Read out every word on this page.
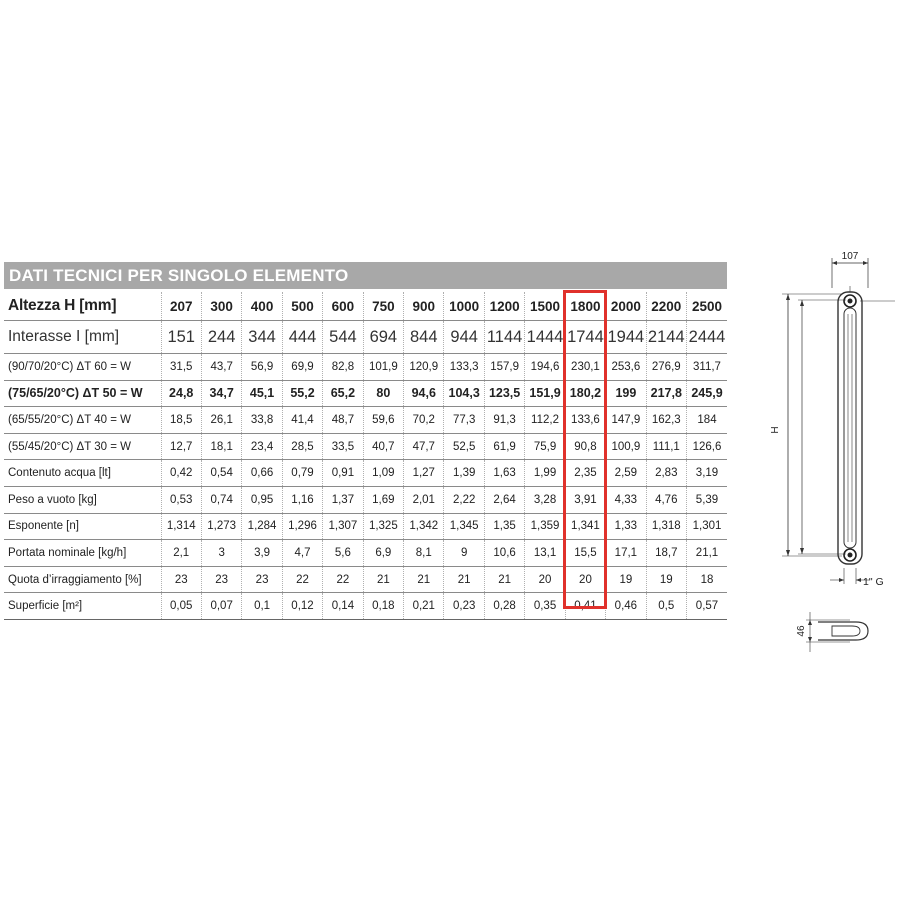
DATI TECNICI PER SINGOLO ELEMENTO
Altezza H [mm]	207	300	400	500	600	750	900	1000	1200	1500	1800	2000	2200	2500
Interasse I [mm]	151	244	344	444	544	694	844	944	1144	1444	1744	1944	2144	2444
(90/70/20°C) ΔT 60 = W	31,5	43,7	56,9	69,9	82,8	101,9	120,9	133,3	157,9	194,6	230,1	253,6	276,9	311,7
(75/65/20°C) ΔT 50 = W	24,8	34,7	45,1	55,2	65,2	80	94,6	104,3	123,5	151,9	180,2	199	217,8	245,9
(65/55/20°C) ΔT 40 = W	18,5	26,1	33,8	41,4	48,7	59,6	70,2	77,3	91,3	112,2	133,6	147,9	162,3	184
(55/45/20°C) ΔT 30 = W	12,7	18,1	23,4	28,5	33,5	40,7	47,7	52,5	61,9	75,9	90,8	100,9	111,1	126,6
Contenuto acqua [lt]	0,42	0,54	0,66	0,79	0,91	1,09	1,27	1,39	1,63	1,99	2,35	2,59	2,83	3,19
Peso a vuoto [kg]	0,53	0,74	0,95	1,16	1,37	1,69	2,01	2,22	2,64	3,28	3,91	4,33	4,76	5,39
Esponente [n]	1,314	1,273	1,284	1,296	1,307	1,325	1,342	1,345	1,35	1,359	1,341	1,33	1,318	1,301
Portata nominale [kg/h]	2,1	3	3,9	4,7	5,6	6,9	8,1	9	10,6	13,1	15,5	17,1	18,7	21,1
Quota d’irraggiamento [%]	23	23	23	22	22	21	21	21	21	20	20	19	19	18
Superficie [m²]	0,05	0,07	0,1	0,12	0,14	0,18	0,21	0,23	0,28	0,35	0,41	0,46	0,5	0,57
107
H
1" G
46
